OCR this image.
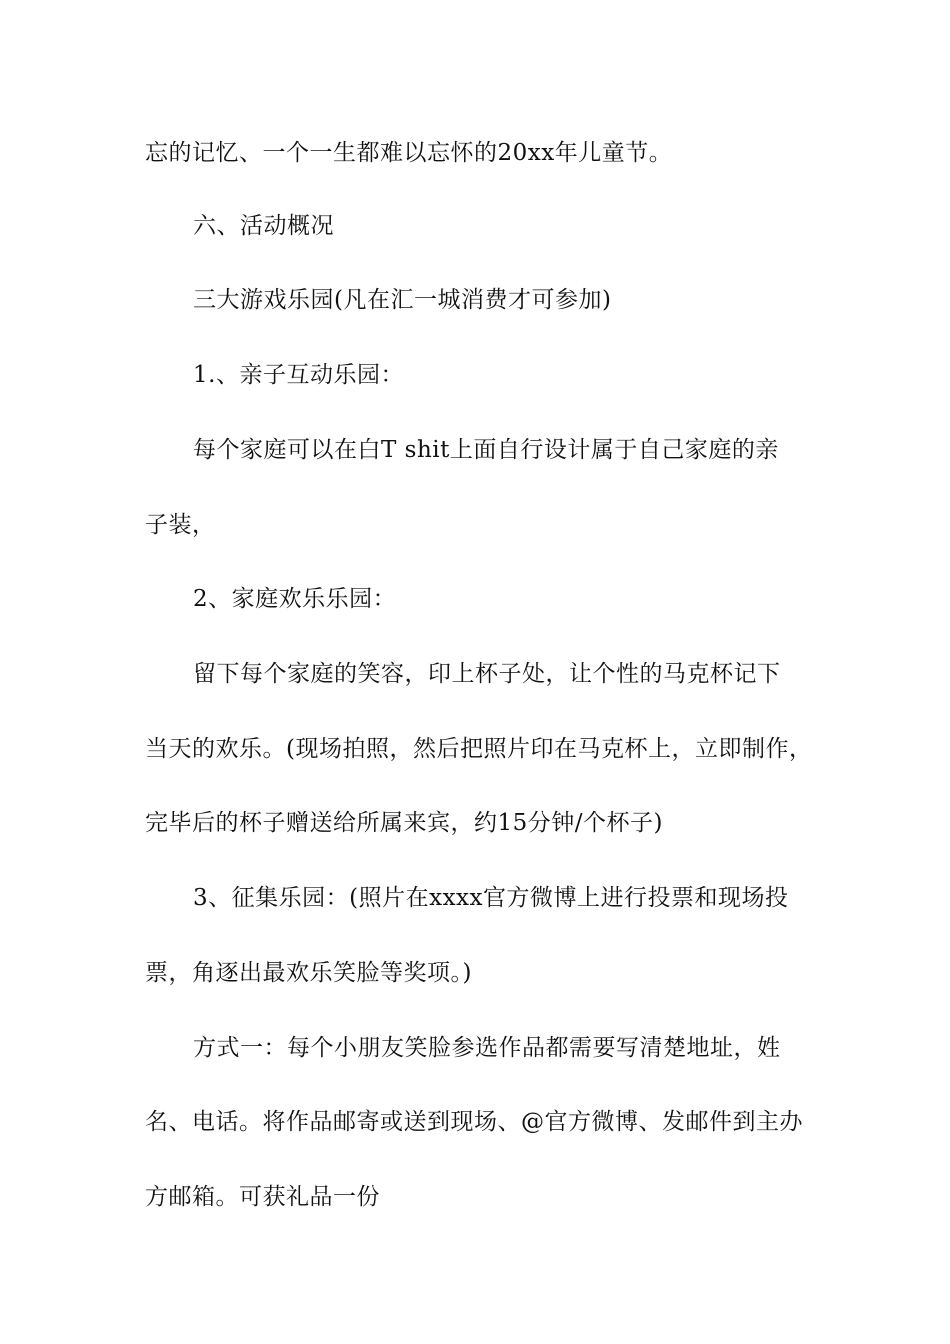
忘的记忆、一个一生都难以忘怀的20xx年儿童节。
六、活动概况
三大游戏乐园(凡在汇一城消费才可参加)
1.、亲子互动乐园：
每个家庭可以在白T shit上面自行设计属于自己家庭的亲
子装，
2、家庭欢乐乐园：
留下每个家庭的笑容，印上杯子处，让个性的马克杯记下
当天的欢乐。(现场拍照，然后把照片印在马克杯上，立即制作，
完毕后的杯子赠送给所属来宾，约15分钟/个杯子)
3、征集乐园：(照片在xxxx官方微博上进行投票和现场投
票，角逐出最欢乐笑脸等奖项。)
方式一：每个小朋友笑脸参选作品都需要写清楚地址，姓
名、电话。将作品邮寄或送到现场、@官方微博、发邮件到主办
方邮箱。可获礼品一份
